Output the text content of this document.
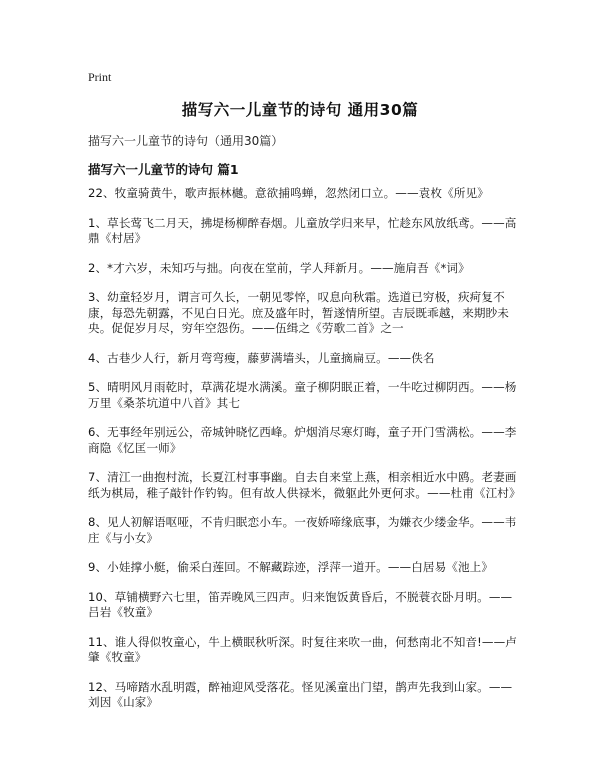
Print
描写六一儿童节的诗句 通用30篇
描写六一儿童节的诗句（通用30篇）
描写六一儿童节的诗句 篇1

22、牧童骑黄牛，歌声振林樾。意欲捕鸣蝉，忽然闭口立。——袁枚《所见》

1、草长莺飞二月天，拂堤杨柳醉春烟。儿童放学归来早，忙趁东风放纸鸢。——高鼎《村居》

2、*才六岁，未知巧与拙。向夜在堂前，学人拜新月。——施肩吾《*词》

3、幼童轻岁月，谓言可久长，一朝见零悴，叹息向秋霜。选道已穷极，疢疴复不康，每恐先朝露，不见白日光。庶及盛年时，暂遂情所望。吉辰既乖越，来期眇未央。促促岁月尽，穷年空怨伤。——伍缉之《劳歌二首》之一

4、古巷少人行，新月弯弯瘦，藤萝满墙头，儿童摘扁豆。——佚名

5、晴明风月雨乾时，草满花堤水满溪。童子柳阴眠正着，一牛吃过柳阴西。——杨万里《桑茶坑道中八首》其七

6、无事经年别远公，帝城钟晓忆西峰。炉烟消尽寒灯晦，童子开门雪满松。——李商隐《忆匡一师》

7、清江一曲抱村流，长夏江村事事幽。自去自来堂上燕，相亲相近水中鸥。老妻画纸为棋局，稚子敲针作钓钩。但有故人供禄米，微躯此外更何求。——杜甫《江村》

8、见人初解语呕哑，不肯归眠恋小车。一夜娇啼缘底事，为嫌衣少缕金华。——韦庄《与小女》

9、小娃撑小艇，偷采白莲回。不解藏踪迹，浮萍一道开。——白居易《池上》

10、草铺横野六七里，笛弄晚风三四声。归来饱饭黄昏后，不脱蓑衣卧月明。——吕岩《牧童》

11、谁人得似牧童心，牛上横眠秋听深。时复往来吹一曲，何愁南北不知音!——卢肇《牧童》

12、马啼踏水乱明霞，醉袖迎风受落花。怪见溪童出门望，鹊声先我到山家。——刘因《山家》
